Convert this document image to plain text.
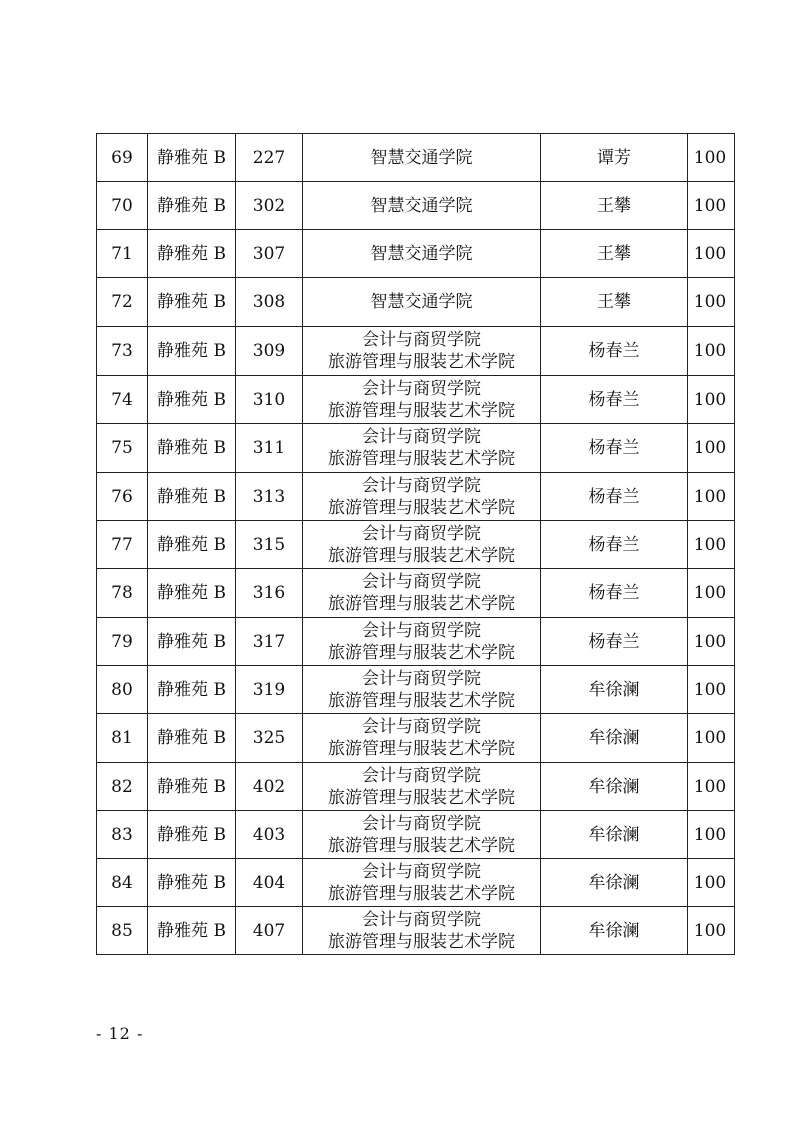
69	静雅苑 B	227	智慧交通学院	谭芳	100
70	静雅苑 B	302	智慧交通学院	王攀	100
71	静雅苑 B	307	智慧交通学院	王攀	100
72	静雅苑 B	308	智慧交通学院	王攀	100
73	静雅苑 B	309	会计与商贸学院
旅游管理与服装艺术学院	杨春兰	100
74	静雅苑 B	310	会计与商贸学院
旅游管理与服装艺术学院	杨春兰	100
75	静雅苑 B	311	会计与商贸学院
旅游管理与服装艺术学院	杨春兰	100
76	静雅苑 B	313	会计与商贸学院
旅游管理与服装艺术学院	杨春兰	100
77	静雅苑 B	315	会计与商贸学院
旅游管理与服装艺术学院	杨春兰	100
78	静雅苑 B	316	会计与商贸学院
旅游管理与服装艺术学院	杨春兰	100
79	静雅苑 B	317	会计与商贸学院
旅游管理与服装艺术学院	杨春兰	100
80	静雅苑 B	319	会计与商贸学院
旅游管理与服装艺术学院	牟徐澜	100
81	静雅苑 B	325	会计与商贸学院
旅游管理与服装艺术学院	牟徐澜	100
82	静雅苑 B	402	会计与商贸学院
旅游管理与服装艺术学院	牟徐澜	100
83	静雅苑 B	403	会计与商贸学院
旅游管理与服装艺术学院	牟徐澜	100
84	静雅苑 B	404	会计与商贸学院
旅游管理与服装艺术学院	牟徐澜	100
85	静雅苑 B	407	会计与商贸学院
旅游管理与服装艺术学院	牟徐澜	100
- 12 -
